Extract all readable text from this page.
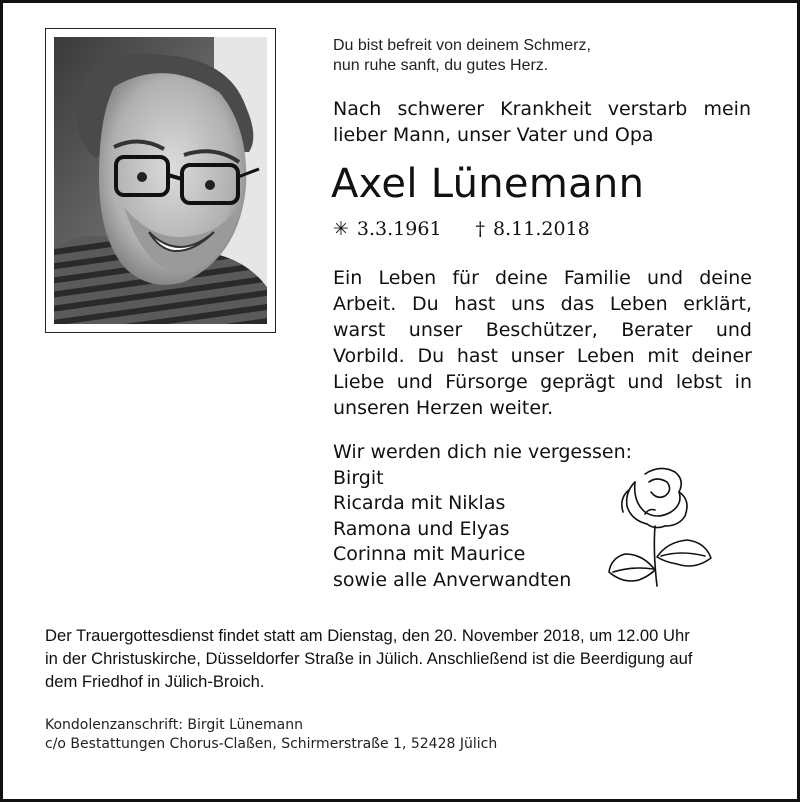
Du bist befreit von deinem Schmerz,
nun ruhe sanft, du gutes Herz.
Nach schwerer Krankheit verstarb mein lieber Mann, unser Vater und Opa
Axel Lünemann
✳ 3.3.1961 † 8.11.2018
Ein Leben für deine Familie und deine Arbeit. Du hast uns das Leben erklärt, warst unser Beschützer, Berater und Vorbild. Du hast unser Leben mit deiner Liebe und Fürsorge geprägt und lebst in unseren Herzen weiter.
Wir werden dich nie vergessen:
Birgit
Ricarda mit Niklas
Ramona und Elyas
Corinna mit Maurice
sowie alle Anverwandten
Der Trauergottesdienst findet statt am Dienstag, den 20. November 2018, um 12.00 Uhr
in der Christuskirche, Düsseldorfer Straße in Jülich. Anschließend ist die Beerdigung auf
dem Friedhof in Jülich-Broich.
Kondolenzanschrift: Birgit Lünemann
c/o Bestattungen Chorus-Claßen, Schirmerstraße 1, 52428 Jülich
